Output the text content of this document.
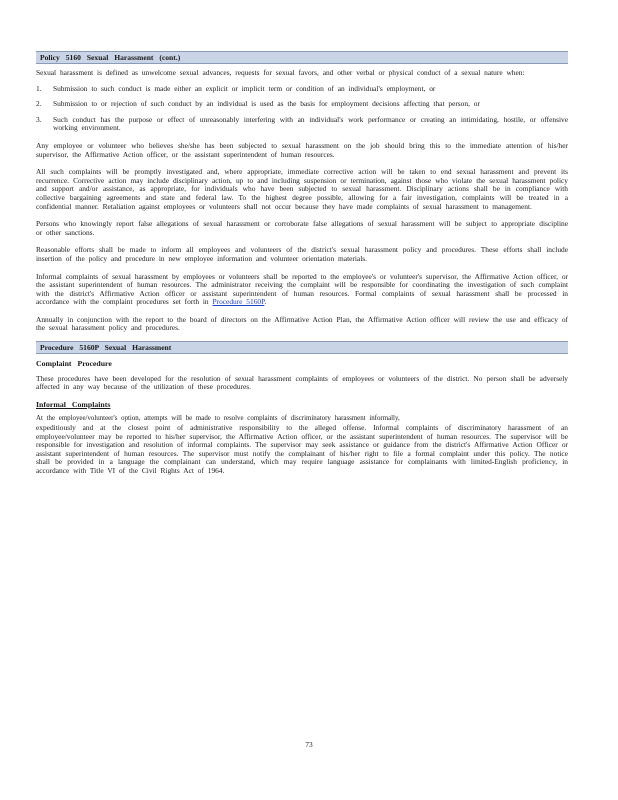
Policy 5160 Sexual Harassment (cont.)

Sexual harassment is defined as unwelcome sexual advances, requests for sexual favors, and other verbal or physical conduct of a sexual nature when:

1.	Submission to such conduct is made either an explicit or implicit term or condition of an individual's employment, or
2.	Submission to or rejection of such conduct by an individual is used as the basis for employment decisions affecting that person, or
3.	Such conduct has the purpose or effect of unreasonably interfering with an individual's work performance or creating an intimidating, hostile, or offensive working environment.

Any employee or volunteer who believes she/she has been subjected to sexual harassment on the job should bring this to the immediate attention of his/her supervisor, the Affirmative Action officer, or the assistant superintendent of human resources.

All such complaints will be promptly investigated and, where appropriate, immediate corrective action will be taken to end sexual harassment and prevent its recurrence. Corrective action may include disciplinary action, up to and including suspension or termination, against those who violate the sexual harassment policy and support and/or assistance, as appropriate, for individuals who have been subjected to sexual harassment. Disciplinary actions shall be in compliance with collective bargaining agreements and state and federal law. To the highest degree possible, allowing for a fair investigation, complaints will be treated in a confidential manner. Retaliation against employees or volunteers shall not occur because they have made complaints of sexual harassment to management.

Persons who knowingly report false allegations of sexual harassment or corroborate false allegations of sexual harassment will be subject to appropriate discipline or other sanctions.

Reasonable efforts shall be made to inform all employees and volunteers of the district's sexual harassment policy and procedures. These efforts shall include insertion of the policy and procedure in new employee information and volunteer orientation materials.

Informal complaints of sexual harassment by employees or volunteers shall be reported to the employee's or volunteer's supervisor, the Affirmative Action officer, or the assistant superintendent of human resources. The administrator receiving the complaint will be responsible for coordinating the investigation of such complaint with the district's Affirmative Action officer or assistant superintendent of human resources. Formal complaints of sexual harassment shall be processed in accordance with the complaint procedures set forth in Procedure 5160P.

Annually in conjunction with the report to the board of directors on the Affirmative Action Plan, the Affirmative Action officer will review the use and efficacy of the sexual harassment policy and procedures.

Procedure 5160P Sexual Harassment
Complaint Procedure

These procedures have been developed for the resolution of sexual harassment complaints of employees or volunteers of the district. No person shall be adversely affected in any way because of the utilization of these procedures.

Informal Complaints

At the employee/volunteer's option, attempts will be made to resolve complaints of discriminatory harassment informally,

expeditiously and at the closest point of administrative responsibility to the alleged offense. Informal complaints of discriminatory harassment of an employee/volunteer may be reported to his/her supervisor, the Affirmative Action officer, or the assistant superintendent of human resources. The supervisor will be responsible for investigation and resolution of informal complaints. The supervisor may seek assistance or guidance from the district's Affirmative Action Officer or assistant superintendent of human resources. The supervisor must notify the complainant of his/her right to file a formal complaint under this policy. The notice shall be provided in a language the complainant can understand, which may require language assistance for complainants with limited-English proficiency, in accordance with Title VI of the Civil Rights Act of 1964.

73
